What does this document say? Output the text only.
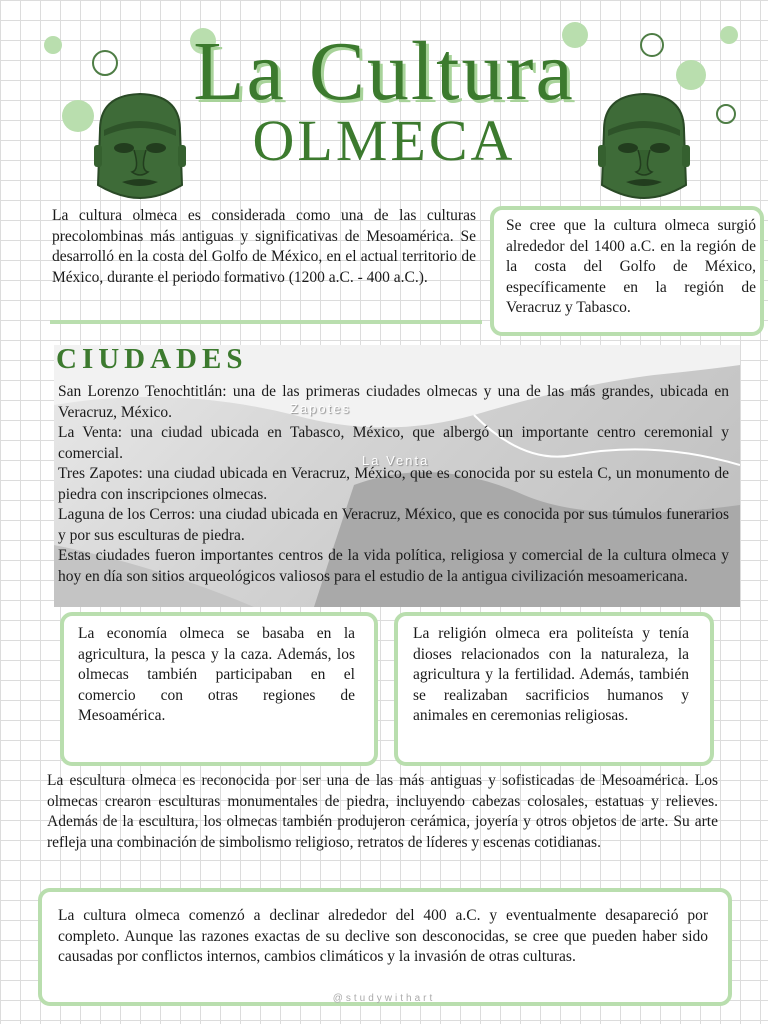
La Cultura
OLMECA
La cultura olmeca es considerada como una de las culturas precolombinas más antiguas y significativas de Mesoamérica. Se desarrolló en la costa del Golfo de México, en el actual territorio de México, durante el periodo formativo (1200 a.C. - 400 a.C.).
Se cree que la cultura olmeca surgió alrededor del 1400 a.C. en la región de la costa del Golfo de México, específicamente en la región de Veracruz y Tabasco.
Zapotes
La Venta
CIUDADES
San Lorenzo Tenochtitlán: una de las primeras ciudades olmecas y una de las más grandes, ubicada en Veracruz, México.
La Venta: una ciudad ubicada en Tabasco, México, que albergó un importante centro ceremonial y comercial.
Tres Zapotes: una ciudad ubicada en Veracruz, México, que es conocida por su estela C, un monumento de piedra con inscripciones olmecas.
Laguna de los Cerros: una ciudad ubicada en Veracruz, México, que es conocida por sus túmulos funerarios y por sus esculturas de piedra.
Estas ciudades fueron importantes centros de la vida política, religiosa y comercial de la cultura olmeca y hoy en día son sitios arqueológicos valiosos para el estudio de la antigua civilización mesoamericana.
La economía olmeca se basaba en la agricultura, la pesca y la caza. Además, los olmecas también participaban en el comercio con otras regiones de Mesoamérica.
La religión olmeca era politeísta y tenía dioses relacionados con la naturaleza, la agricultura y la fertilidad. Además, también se realizaban sacrificios humanos y animales en ceremonias religiosas.
La escultura olmeca es reconocida por ser una de las más antiguas y sofisticadas de Mesoamérica. Los olmecas crearon esculturas monumentales de piedra, incluyendo cabezas colosales, estatuas y relieves. Además de la escultura, los olmecas también produjeron cerámica, joyería y otros objetos de arte. Su arte refleja una combinación de simbolismo religioso, retratos de líderes y escenas cotidianas.
La cultura olmeca comenzó a declinar alrededor del 400 a.C. y eventualmente desapareció por completo. Aunque las razones exactas de su declive son desconocidas, se cree que pueden haber sido causadas por conflictos internos, cambios climáticos y la invasión de otras culturas.
@studywithart
